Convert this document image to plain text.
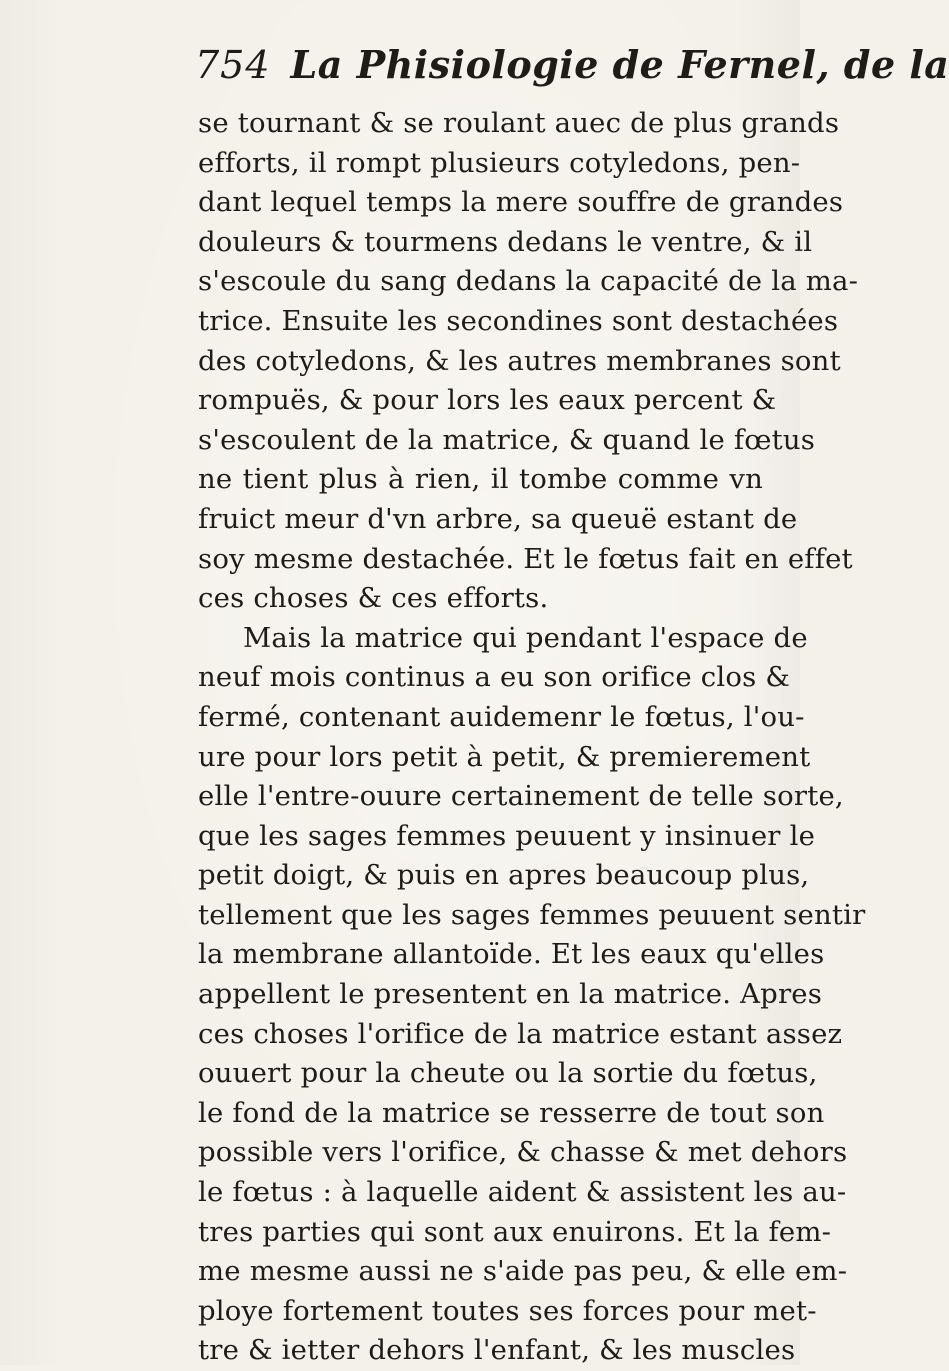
754 La Phisiologie de Fernel, de la
se tournant & se roulant auec de plus grands
efforts, il rompt plusieurs cotyledons, pen-
dant lequel temps la mere souffre de grandes
douleurs & tourmens dedans le ventre, & il
s'escoule du sang dedans la capacité de la ma-
trice. Ensuite les secondines sont destachées
des cotyledons, & les autres membranes sont
rompuës, & pour lors les eaux percent &
s'escoulent de la matrice, & quand le fœtus
ne tient plus à rien, il tombe comme vn
fruict meur d'vn arbre, sa queuë estant de
soy mesme destachée. Et le fœtus fait en effet
ces choses & ces efforts.
Mais la matrice qui pendant l'espace de
neuf mois continus a eu son orifice clos &
fermé, contenant auidemenr le fœtus, l'ou-
ure pour lors petit à petit, & premierement
elle l'entre-ouure certainement de telle sorte,
que les sages femmes peuuent y insinuer le
petit doigt, & puis en apres beaucoup plus,
tellement que les sages femmes peuuent sentir
la membrane allantoïde. Et les eaux qu'elles
appellent le presentent en la matrice. Apres
ces choses l'orifice de la matrice estant assez
ouuert pour la cheute ou la sortie du fœtus,
le fond de la matrice se resserre de tout son
possible vers l'orifice, & chasse & met dehors
le fœtus : à laquelle aident & assistent les au-
tres parties qui sont aux enuirons. Et la fem-
me mesme aussi ne s'aide pas peu, & elle em-
ploye fortement toutes ses forces pour met-
tre & ietter dehors l'enfant, & les muscles
